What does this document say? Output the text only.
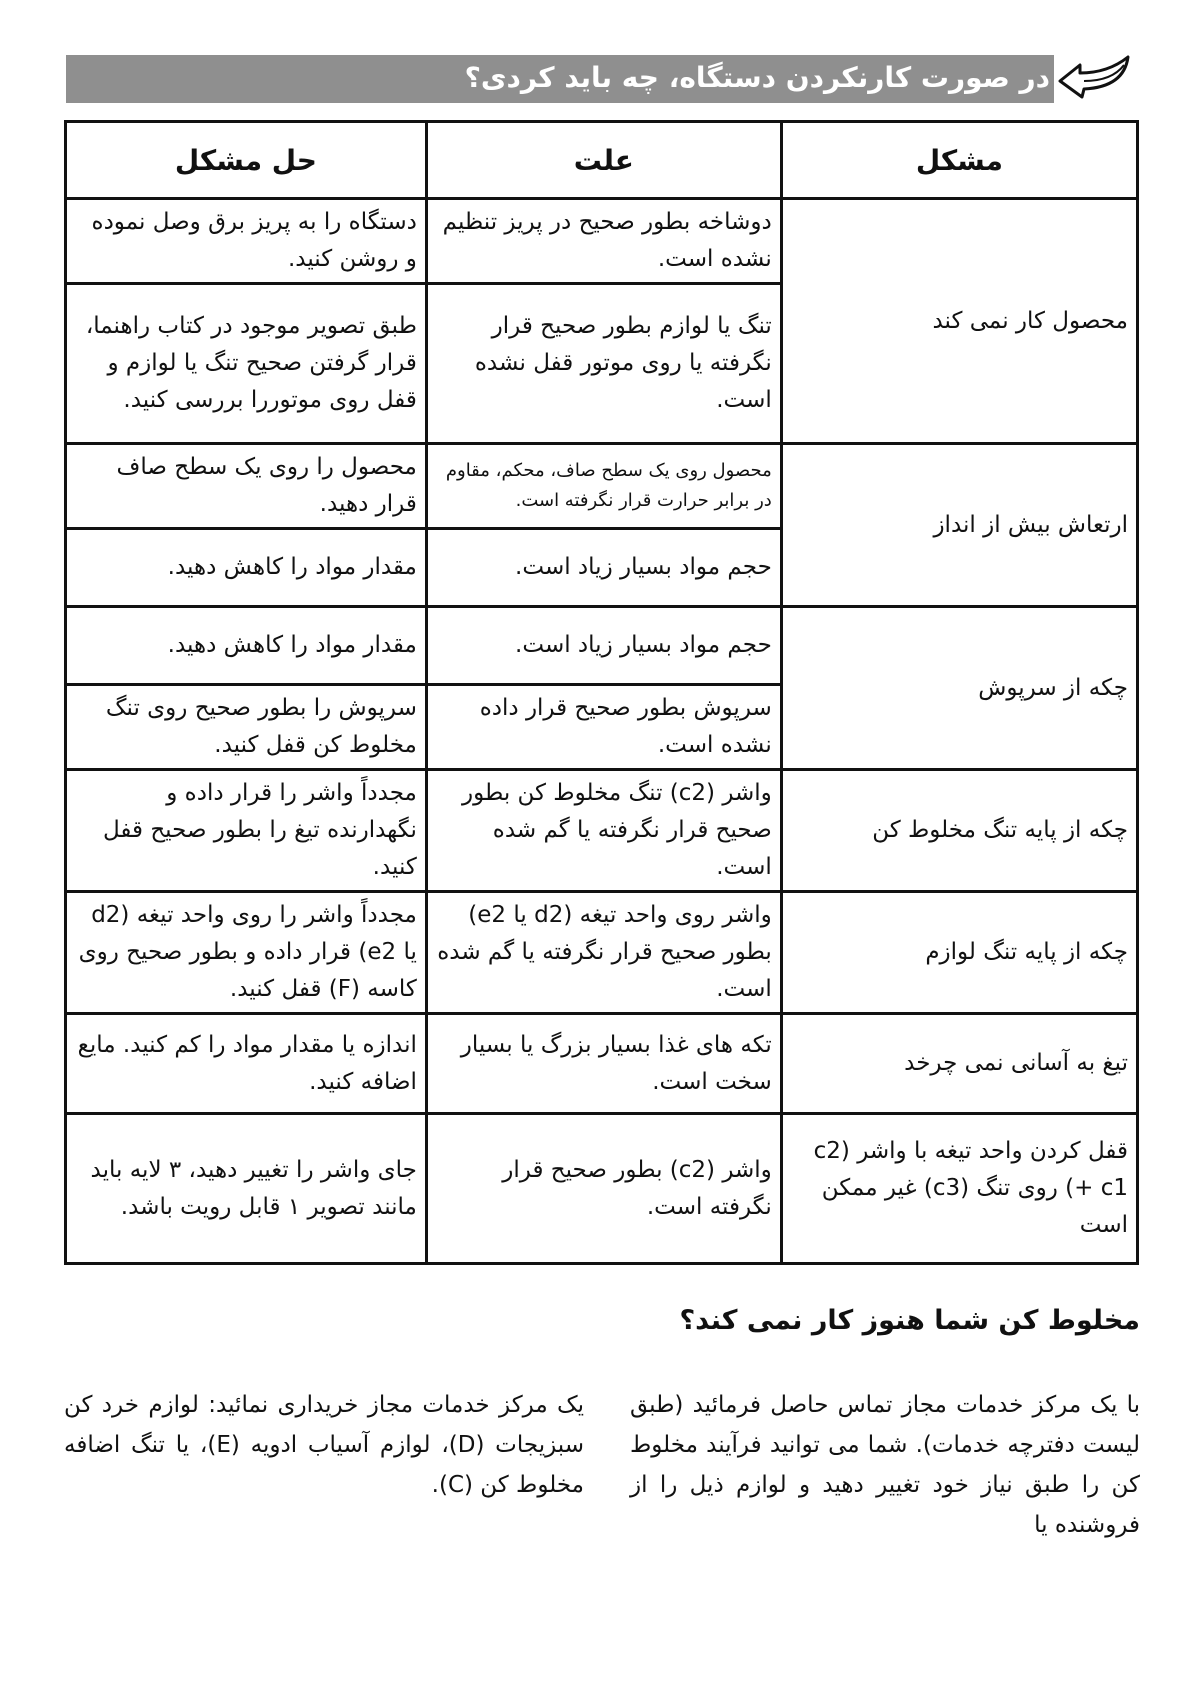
در صورت کارنکردن دستگاه، چه باید کردی؟
مشکل	علت	حل مشکل
محصول کار نمی کند	دوشاخه بطور صحیح در پریز تنظیم نشده است.	دستگاه را به پریز برق وصل نموده و روشن کنید.
	تنگ یا لوازم بطور صحیح قرار نگرفته یا روی موتور قفل نشده است.	طبق تصویر موجود در کتاب راهنما، قرار گرفتن صحیح تنگ یا لوازم و قفل روی موتوررا بررسی کنید.
ارتعاش بیش از انداز	محصول روی یک سطح صاف، محکم، مقاوم در برابر حرارت قرار نگرفته است.	محصول را روی یک سطح صاف قرار دهید.
	حجم مواد بسیار زیاد است.	مقدار مواد را کاهش دهید.
چکه از سرپوش	حجم مواد بسیار زیاد است.	مقدار مواد را کاهش دهید.
	سرپوش بطور صحیح قرار داده نشده است.	سرپوش را بطور صحیح روی تنگ مخلوط کن قفل کنید.
چکه از پایه تنگ مخلوط کن	واشر (c2) تنگ مخلوط کن بطور صحیح قرار نگرفته یا گم شده است.	مجدداً واشر را قرار داده و نگهدارنده تیغ را بطور صحیح قفل کنید.
چکه از پایه تنگ لوازم	واشر روی واحد تیغه (d2 یا e2) بطور صحیح قرار نگرفته یا گم شده است.	مجدداً واشر را روی واحد تیغه (d2 یا e2) قرار داده و بطور صحیح روی کاسه (F) قفل کنید.
تیغ به آسانی نمی چرخد	تکه های غذا بسیار بزرگ یا بسیار سخت است.	اندازه یا مقدار مواد را کم کنید. مایع اضافه کنید.
قفل کردن واحد تیغه با واشر (c2 + c1) روی تنگ (c3) غیر ممکن است	واشر (c2) بطور صحیح قرار نگرفته است.	جای واشر را تغییر دهید، ۳ لایه باید مانند تصویر ۱ قابل رویت باشد.
مخلوط کن شما هنوز کار نمی کند؟
با یک مرکز خدمات مجاز تماس حاصل فرمائید (طبق لیست دفترچه خدمات). شما می توانید فرآیند مخلوط کن را طبق نیاز خود تغییر دهید و لوازم ذیل را از فروشنده یا
یک مرکز خدمات مجاز خریداری نمائید: لوازم خرد کن سبزیجات (D)، لوازم آسیاب ادویه (E)، یا تنگ اضافه مخلوط کن (C).
